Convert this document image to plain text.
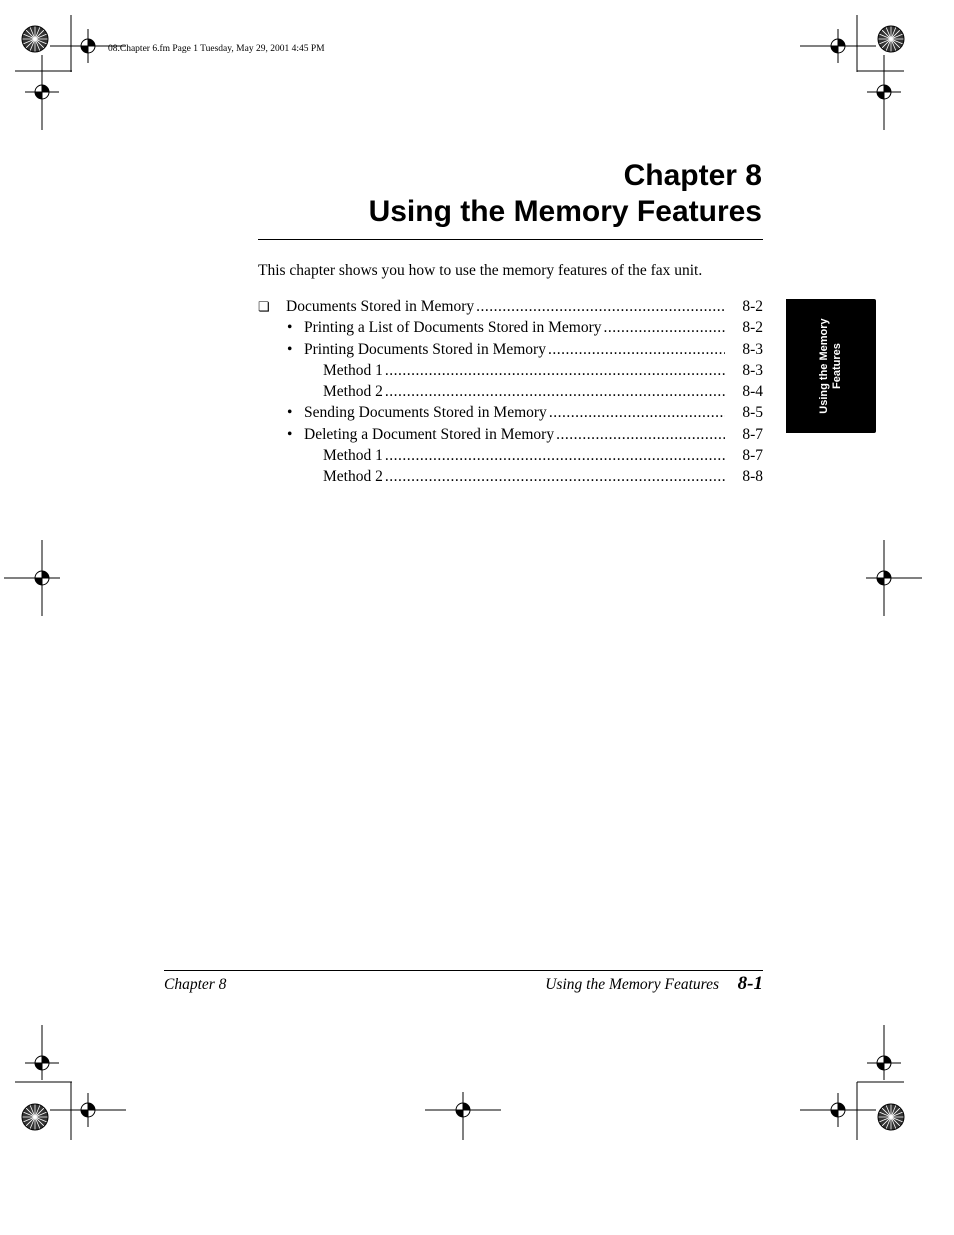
08.Chapter 6.fm Page 1 Tuesday, May 29, 2001 4:45 PM
Chapter 8
Using the Memory Features
This chapter shows you how to use the memory features of the fax unit.
❏ Documents Stored in Memory .....	8-2
• Printing a List of Documents Stored in Memory .....	8-2
• Printing Documents Stored in Memory .....	8-3
Method 1 .....	8-3
Method 2 .....	8-4
• Sending Documents Stored in Memory .....	8-5
• Deleting a Document Stored in Memory .....	8-7
Method 1 .....	8-7
Method 2 .....	8-8
Using the Memory Features
Chapter 8	Using the Memory Features 8-1
